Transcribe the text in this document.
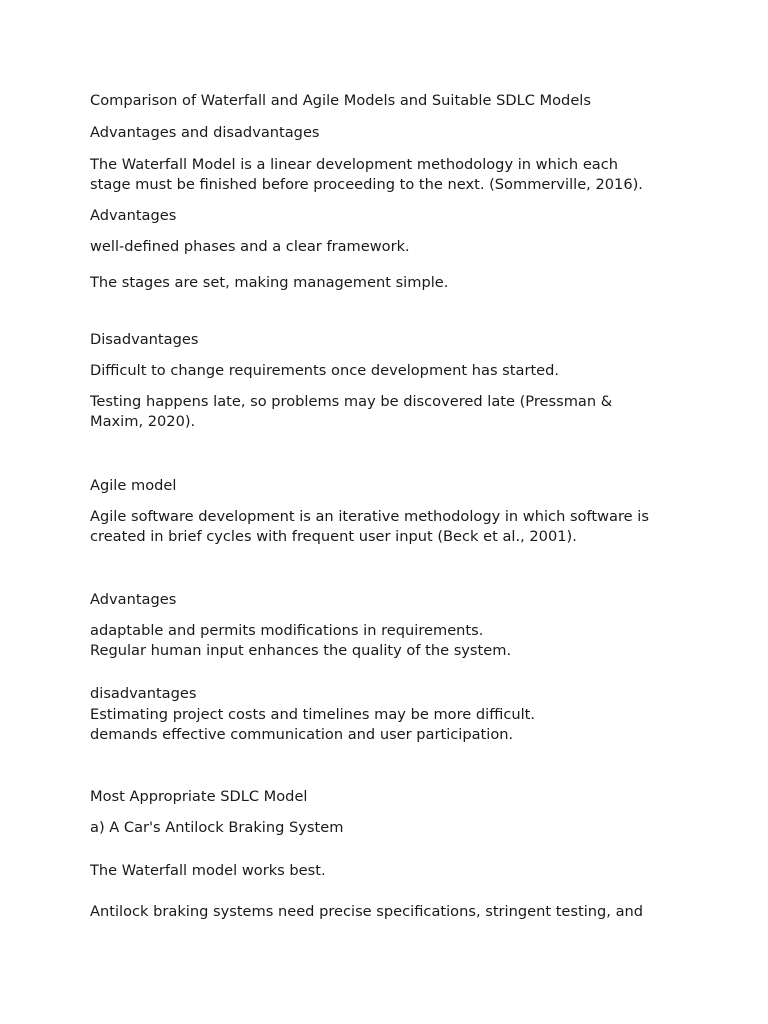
Comparison of Waterfall and Agile Models and Suitable SDLC Models
Advantages and disadvantages
The Waterfall Model is a linear development methodology in which each
stage must be finished before proceeding to the next. (Sommerville, 2016).
Advantages
well-defined phases and a clear framework.
The stages are set, making management simple.
Disadvantages
Difficult to change requirements once development has started.
Testing happens late, so problems may be discovered late (Pressman &
Maxim, 2020).
Agile model
Agile software development is an iterative methodology in which software is
created in brief cycles with frequent user input (Beck et al., 2001).
Advantages
adaptable and permits modifications in requirements.
Regular human input enhances the quality of the system.
disadvantages
Estimating project costs and timelines may be more difficult.
demands effective communication and user participation.
Most Appropriate SDLC Model
a) A Car's Antilock Braking System
The Waterfall model works best.
Antilock braking systems need precise specifications, stringent testing, and
